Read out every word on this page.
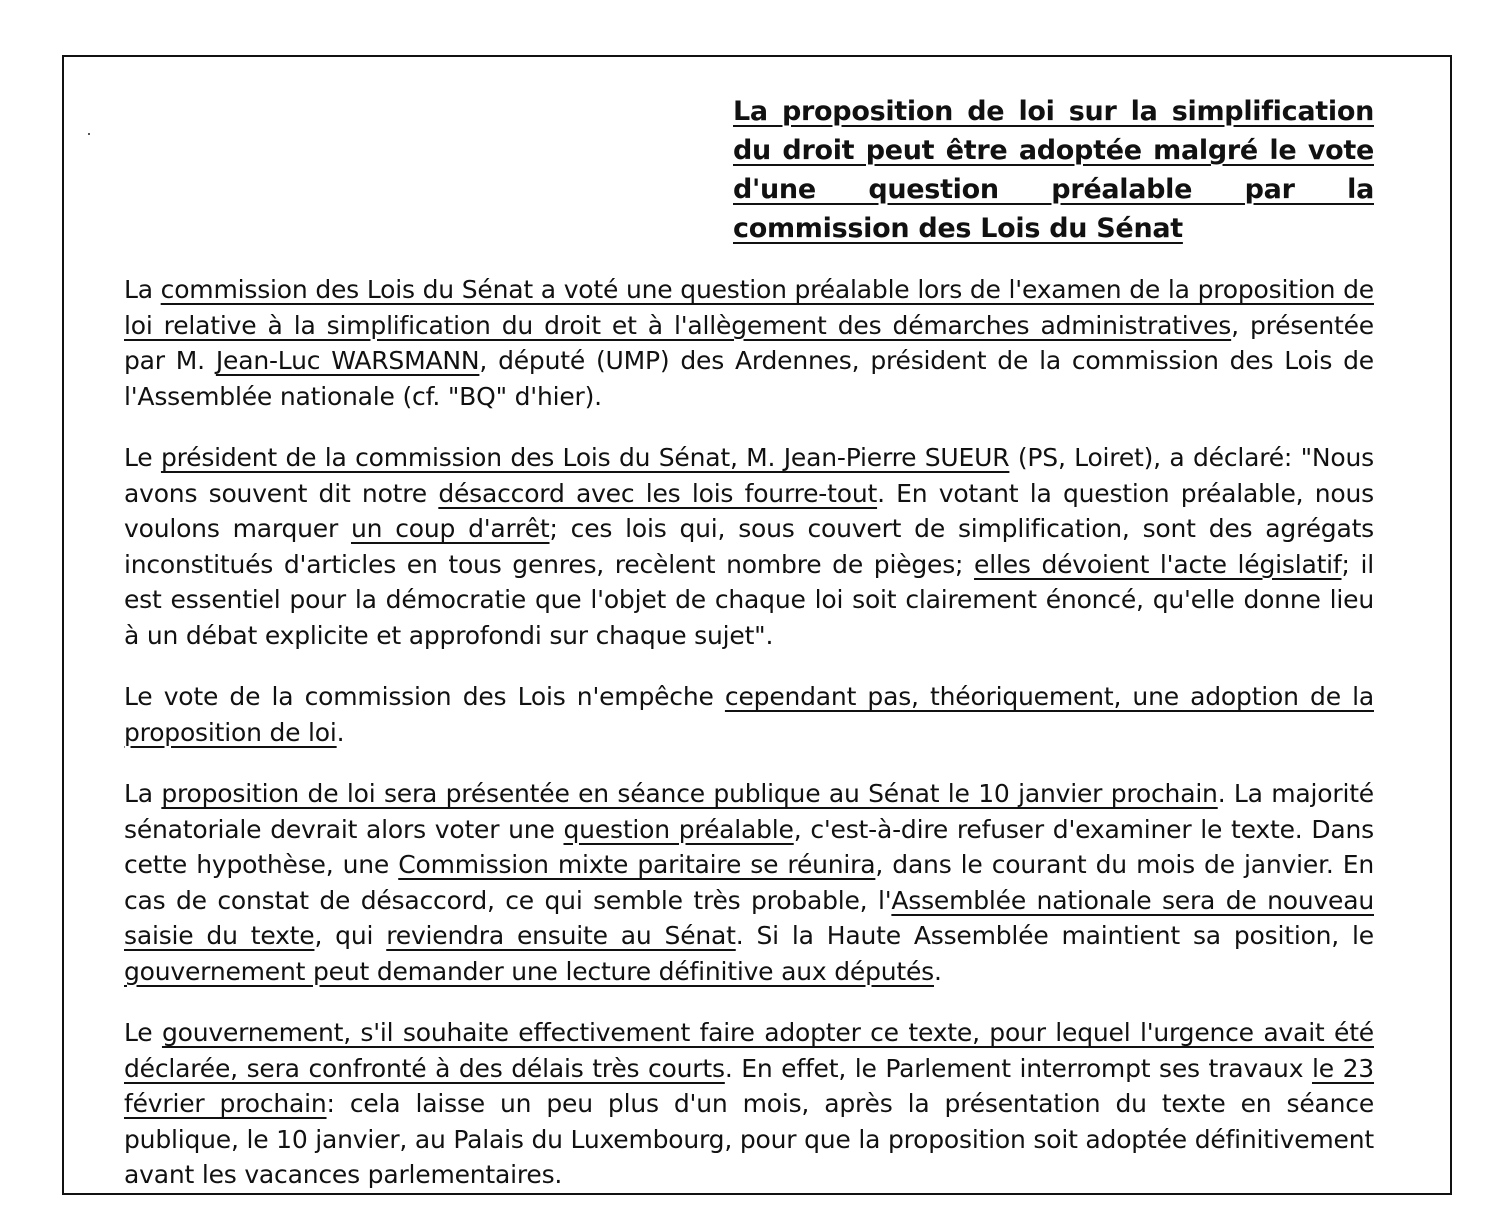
La proposition de loi sur la simplification du droit peut être adoptée malgré le vote d'une question préalable par la commission des Lois du Sénat

La commission des Lois du Sénat a voté une question préalable lors de l'examen de la proposition de loi relative à la simplification du droit et à l'allègement des démarches administratives, présentée par M. Jean-Luc WARSMANN, député (UMP) des Ardennes, président de la commission des Lois de l'Assemblée nationale (cf. "BQ" d'hier).

Le président de la commission des Lois du Sénat, M. Jean-Pierre SUEUR (PS, Loiret), a déclaré: "Nous avons souvent dit notre désaccord avec les lois fourre-tout. En votant la question préalable, nous voulons marquer un coup d'arrêt; ces lois qui, sous couvert de simplification, sont des agrégats inconstitués d'articles en tous genres, recèlent nombre de pièges; elles dévoient l'acte législatif; il est essentiel pour la démocratie que l'objet de chaque loi soit clairement énoncé, qu'elle donne lieu à un débat explicite et approfondi sur chaque sujet".

Le vote de la commission des Lois n'empêche cependant pas, théoriquement, une adoption de la proposition de loi.

La proposition de loi sera présentée en séance publique au Sénat le 10 janvier prochain. La majorité sénatoriale devrait alors voter une question préalable, c'est-à-dire refuser d'examiner le texte. Dans cette hypothèse, une Commission mixte paritaire se réunira, dans le courant du mois de janvier. En cas de constat de désaccord, ce qui semble très probable, l'Assemblée nationale sera de nouveau saisie du texte, qui reviendra ensuite au Sénat. Si la Haute Assemblée maintient sa position, le gouvernement peut demander une lecture définitive aux députés.

Le gouvernement, s'il souhaite effectivement faire adopter ce texte, pour lequel l'urgence avait été déclarée, sera confronté à des délais très courts. En effet, le Parlement interrompt ses travaux le 23 février prochain: cela laisse un peu plus d'un mois, après la présentation du texte en séance publique, le 10 janvier, au Palais du Luxembourg, pour que la proposition soit adoptée définitivement avant les vacances parlementaires.
